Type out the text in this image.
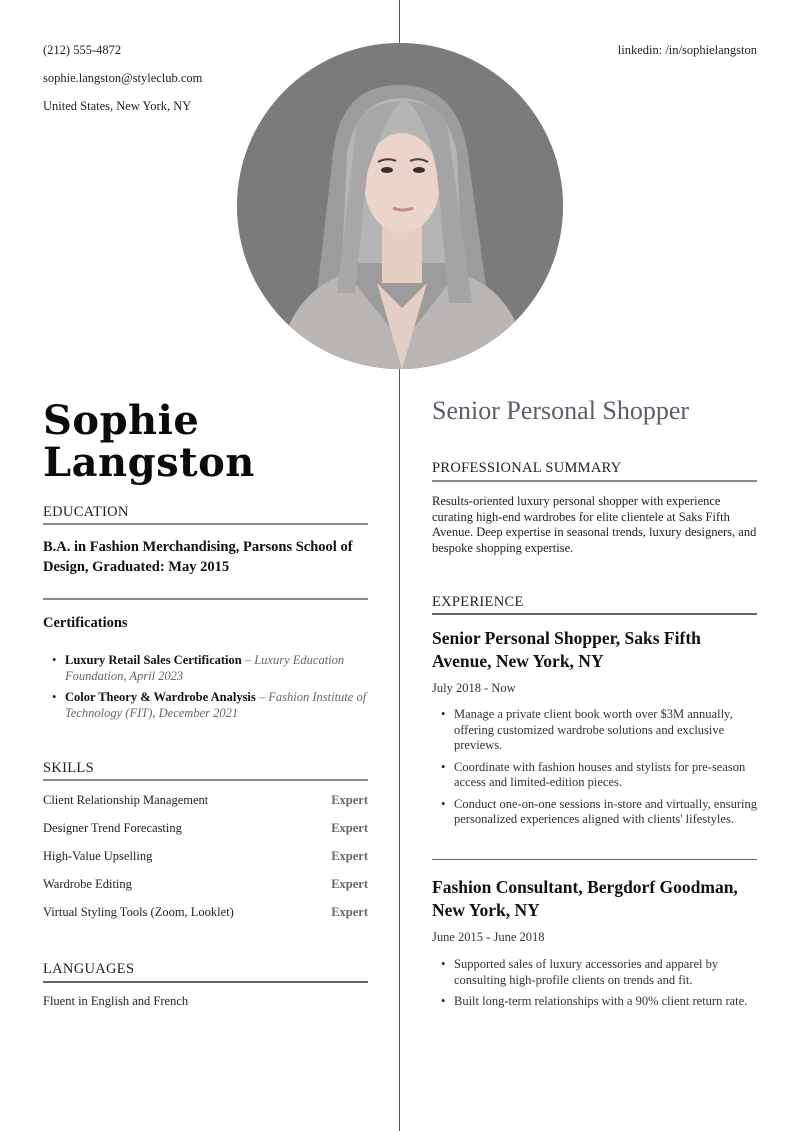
(212) 555-4872
sophie.langston@styleclub.com
United States, New York, NY
linkedin: /in/sophielangston
Sophie
Langston
EDUCATION
B.A. in Fashion Merchandising, Parsons School of Design, Graduated: May 2015
Certifications
• Luxury Retail Sales Certification – Luxury Education Foundation, April 2023
• Color Theory & Wardrobe Analysis – Fashion Institute of Technology (FIT), December 2021
SKILLS
Client Relationship Management	Expert
Designer Trend Forecasting	Expert
High-Value Upselling	Expert
Wardrobe Editing	Expert
Virtual Styling Tools (Zoom, Looklet)	Expert
LANGUAGES
Fluent in English and French
Senior Personal Shopper
PROFESSIONAL SUMMARY
Results-oriented luxury personal shopper with experience curating high-end wardrobes for elite clientele at Saks Fifth Avenue. Deep expertise in seasonal trends, luxury designers, and bespoke shopping expertise.
EXPERIENCE
Senior Personal Shopper, Saks Fifth Avenue, New York, NY
July 2018 - Now
• Manage a private client book worth over $3M annually, offering customized wardrobe solutions and exclusive previews.
• Coordinate with fashion houses and stylists for pre-season access and limited-edition pieces.
• Conduct one-on-one sessions in-store and virtually, ensuring personalized experiences aligned with clients' lifestyles.
Fashion Consultant, Bergdorf Goodman, New York, NY
June 2015 - June 2018
• Supported sales of luxury accessories and apparel by consulting high-profile clients on trends and fit.
• Built long-term relationships with a 90% client return rate.
